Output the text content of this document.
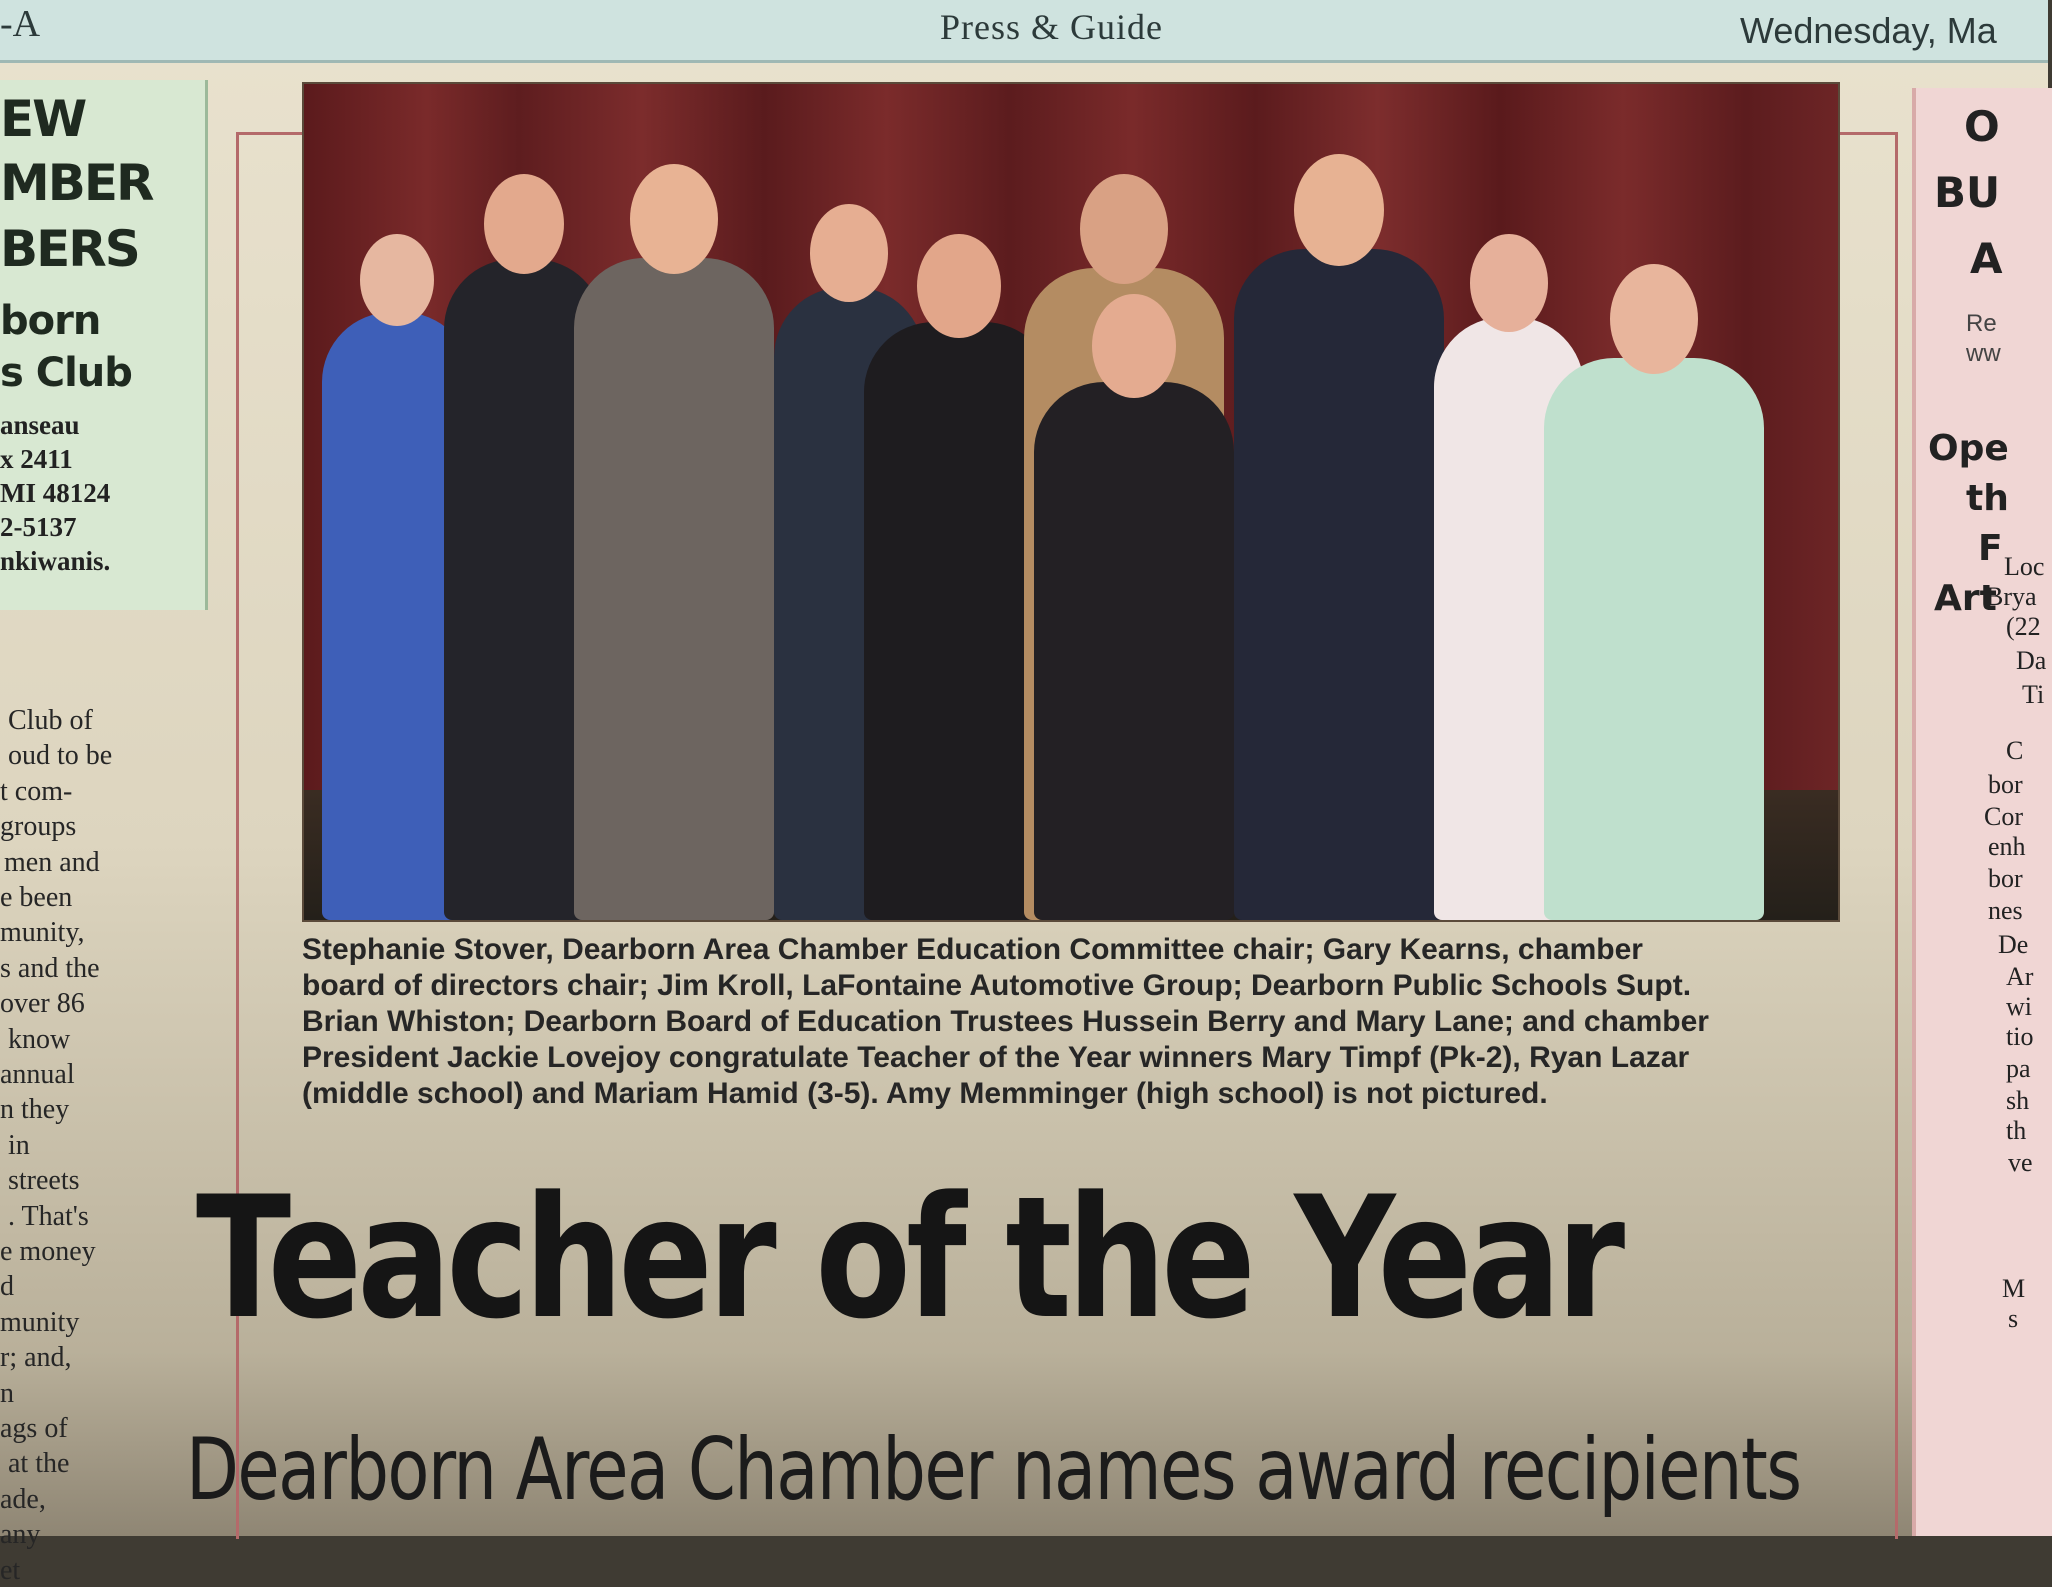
-A	Press & Guide	Wednesday, Ma
EW
MBER
BERS
born
s Club
anseau
x 2411
MI 48124
2-5137
nkiwanis.
Club of
oud to be
t com-
groups
men and
e been
munity,
s and the
over 86
know
annual
n they
in
streets
. That's
e money
d
munity
r; and,
n
ags of
at the
ade,
any
et
O
BU
A
Re
ww
Ope
th
F
Art
Loc
Brya
(22
Da
Ti
C
bor
Cor
enh
bor
nes
De
Ar
wi
tio
pa
sh
th
ve
M
s
Stephanie Stover, Dearborn Area Chamber Education Committee chair; Gary Kearns, chamber
board of directors chair; Jim Kroll, LaFontaine Automotive Group; Dearborn Public Schools Supt.
Brian Whiston; Dearborn Board of Education Trustees Hussein Berry and Mary Lane; and chamber
President Jackie Lovejoy congratulate Teacher of the Year winners Mary Timpf (Pk-2), Ryan Lazar
(middle school) and Mariam Hamid (3-5). Amy Memminger (high school) is not pictured.
Teacher of the Year
Dearborn Area Chamber names award recipients
